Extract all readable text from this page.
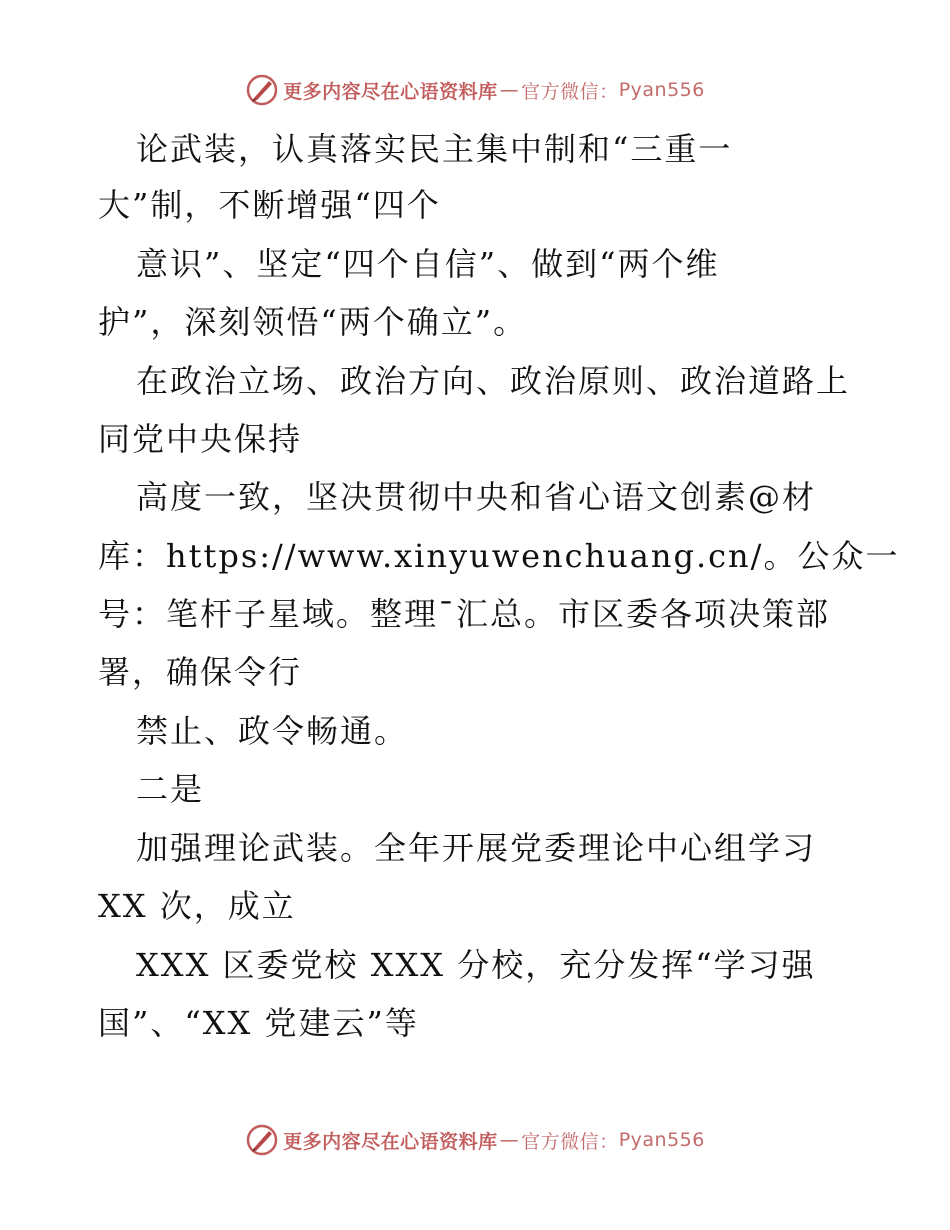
更多内容尽在心语资料库 — 官方微信： Pyan556
论武装，认真落实民主集中制和“三重一
大”制，不断增强“四个
意识”、坚定“四个自信”、做到“两个维
护”，深刻领悟“两个确立”。
在政治立场、政治方向、政治原则、政治道路上
同党中央保持
高度一致，坚决贯彻中央和省心语文创素@材
库：https://www.xinyuwenchuang.cn/。公众一
号：笔杆子星域。整理¯汇总。市区委各项决策部
署，确保令行
禁止、政令畅通。
二是
加强理论武装。全年开展党委理论中心组学习
XX 次，成立
XXX 区委党校 XXX 分校，充分发挥“学习强
国”、“XX 党建云”等
更多内容尽在心语资料库 — 官方微信： Pyan556
